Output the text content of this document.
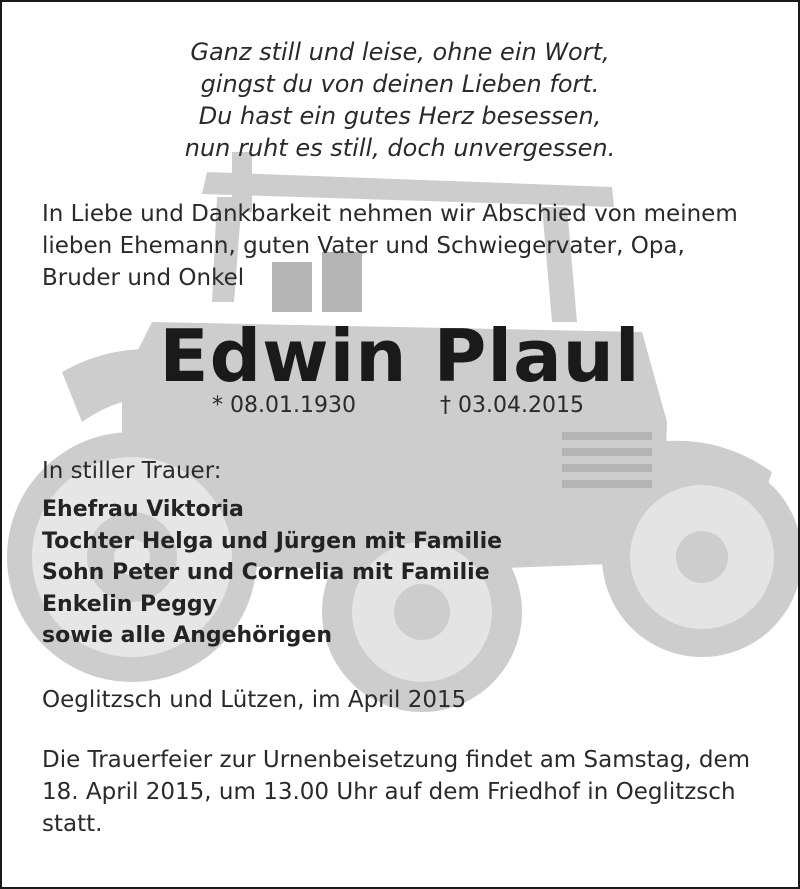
Ganz still und leise, ohne ein Wort,
gingst du von deinen Lieben fort.
Du hast ein gutes Herz besessen,
nun ruht es still, doch unvergessen.
In Liebe und Dankbarkeit nehmen wir Abschied von meinem
lieben Ehemann, guten Vater und Schwiegervater, Opa,
Bruder und Onkel
Edwin Plaul
* 08.01.1930	† 03.04.2015
In stiller Trauer:
Ehefrau Viktoria
Tochter Helga und Jürgen mit Familie
Sohn Peter und Cornelia mit Familie
Enkelin Peggy
sowie alle Angehörigen
Oeglitzsch und Lützen, im April 2015
Die Trauerfeier zur Urnenbeisetzung findet am Samstag, dem
18. April 2015, um 13.00 Uhr auf dem Friedhof in Oeglitzsch
statt.
